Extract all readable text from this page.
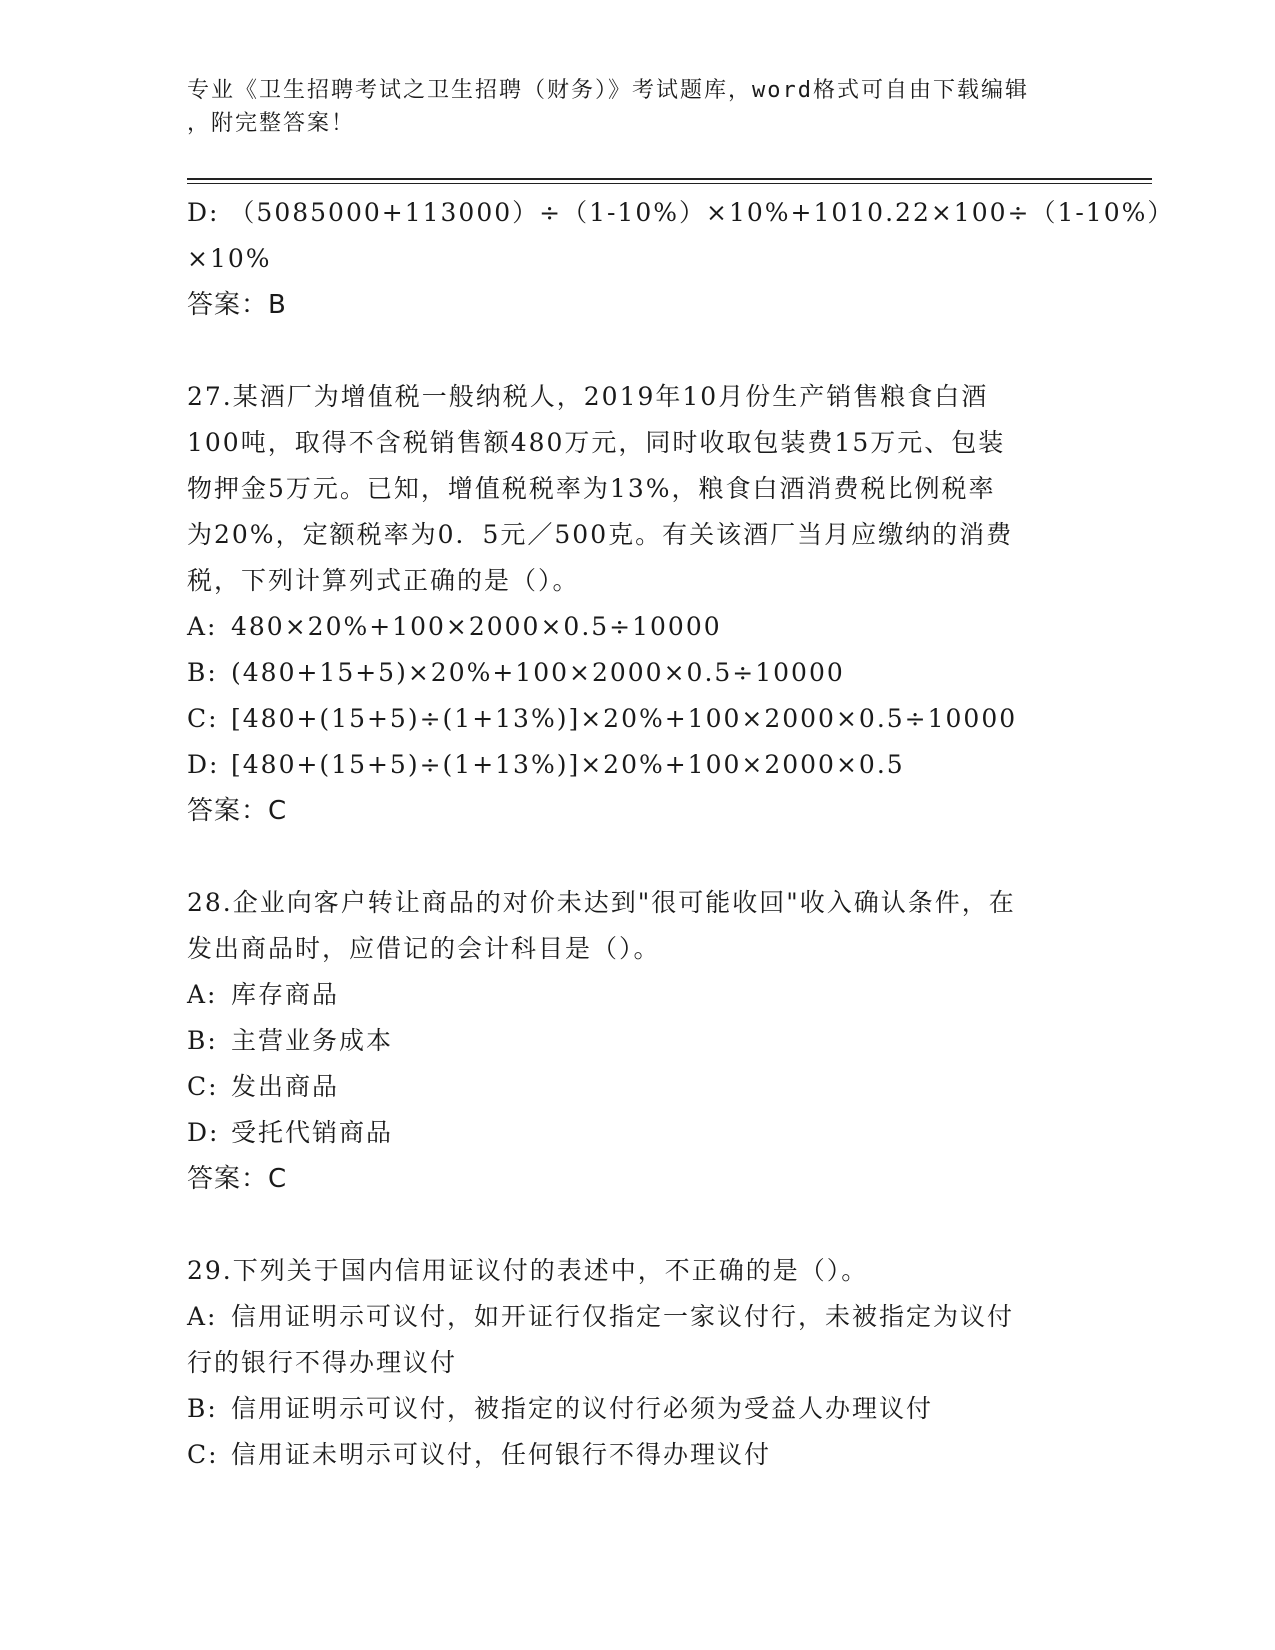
专业《卫生招聘考试之卫生招聘（财务）》考试题库，word格式可自由下载编辑
，附完整答案！
D: （5085000+113000）÷（1-10%）×10%+1010.22×100÷（1-10%）
×10%
答案：B
27.某酒厂为增值税一般纳税人，2019年10月份生产销售粮食白酒
100吨，取得不含税销售额480万元，同时收取包装费15万元、包装
物押金5万元。已知，增值税税率为13%，粮食白酒消费税比例税率
为20%，定额税率为0．5元／500克。有关该酒厂当月应缴纳的消费
税，下列计算列式正确的是（）。
A: 480×20%+100×2000×0.5÷10000
B: (480+15+5)×20%+100×2000×0.5÷10000
C: [480+(15+5)÷(1+13%)]×20%+100×2000×0.5÷10000
D: [480+(15+5)÷(1+13%)]×20%+100×2000×0.5
答案：C
28.企业向客户转让商品的对价未达到"很可能收回"收入确认条件，在
发出商品时，应借记的会计科目是（）。
A: 库存商品
B: 主营业务成本
C: 发出商品
D: 受托代销商品
答案：C
29.下列关于国内信用证议付的表述中，不正确的是（）。
A: 信用证明示可议付，如开证行仅指定一家议付行，未被指定为议付
行的银行不得办理议付
B: 信用证明示可议付，被指定的议付行必须为受益人办理议付
C: 信用证未明示可议付，任何银行不得办理议付
